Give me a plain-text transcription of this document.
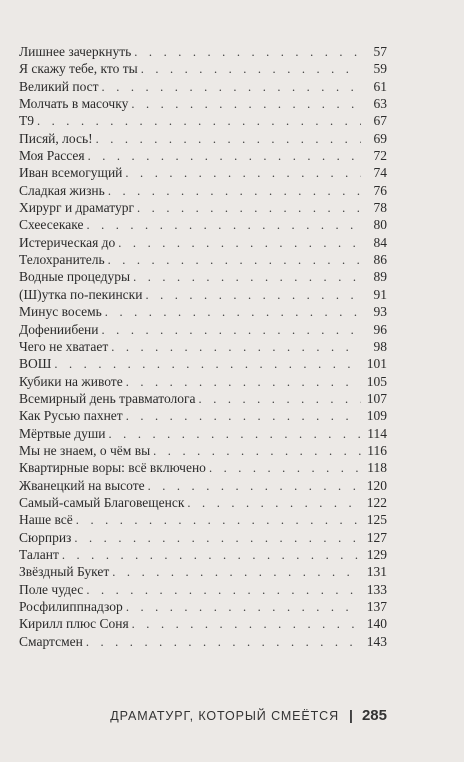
Лишнее зачеркнуть . . .	57
Я скажу тебе, кто ты . . .	59
Великий пост . . .	61
Молчать в масочку . . .	63
Т9 . . .	67
Писяй, лось! . . .	69
Моя Рассея . . .	72
Иван всемогущий . . .	74
Сладкая жизнь . . .	76
Хирург и драматург . . .	78
Схеесекаке . . .	80
Истерическая до . . .	84
Телохранитель . . .	86
Водные процедуры . . .	89
(Ш)утка по-пекински . . .	91
Минус восемь . . .	93
Дофениибени . . .	96
Чего не хватает . . .	98
ВОШ . . .	101
Кубики на животе . . .	105
Всемирный день травматолога . . .	107
Как Русью пахнет . . .	109
Мёртвые души . . .	114
Мы не знаем, о чём вы . . .	116
Квартирные воры: всё включено . . .	118
Жванецкий на высоте . . .	120
Самый-самый Благовещенск . . .	122
Наше всё . . .	125
Сюрприз . . .	127
Талант . . .	129
Звёздный Букет . . .	131
Поле чудес . . .	133
Росфилиппнадзор . . .	137
Кирилл плюс Соня . . .	140
Смартсмен . . .	143
ДРАМАТУРГ, КОТОРЫЙ СМЕЁТСЯ | 285
